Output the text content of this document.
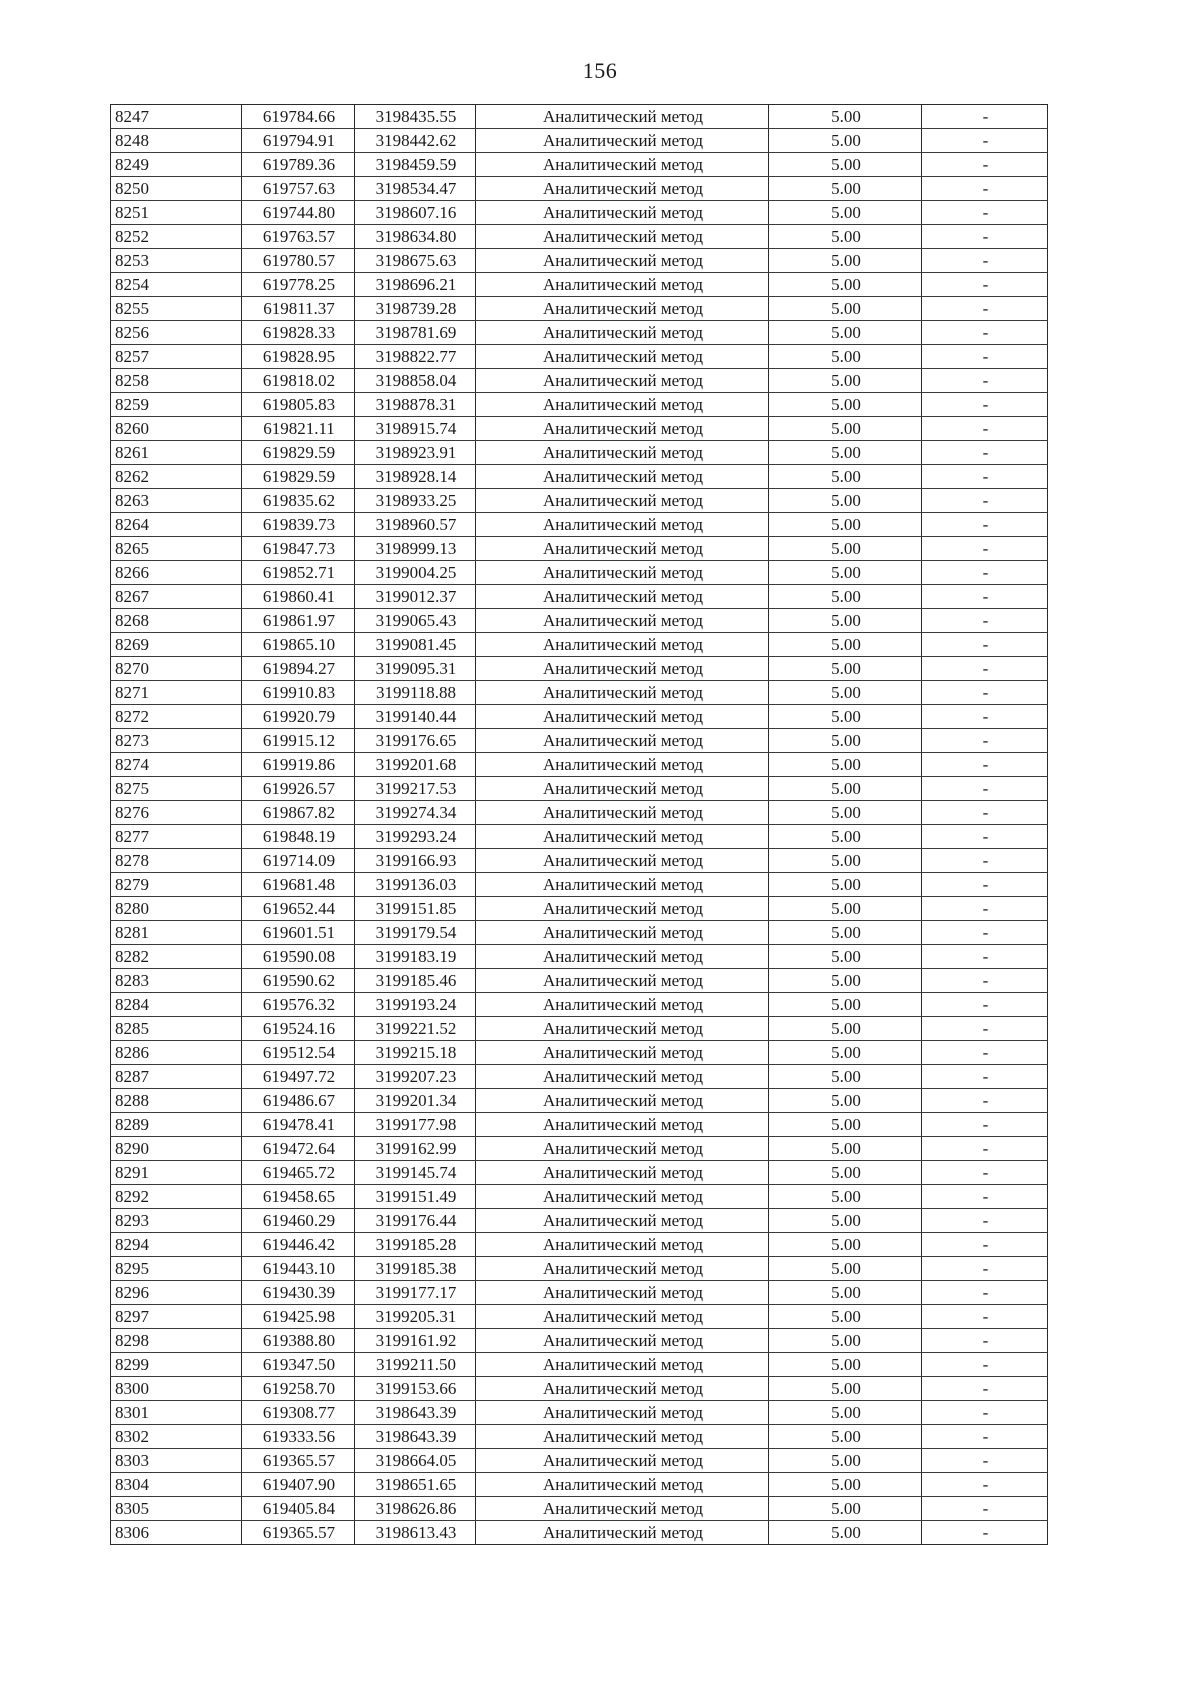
156
8247	619784.66	3198435.55	Аналитический метод	5.00	-
8248	619794.91	3198442.62	Аналитический метод	5.00	-
8249	619789.36	3198459.59	Аналитический метод	5.00	-
8250	619757.63	3198534.47	Аналитический метод	5.00	-
8251	619744.80	3198607.16	Аналитический метод	5.00	-
8252	619763.57	3198634.80	Аналитический метод	5.00	-
8253	619780.57	3198675.63	Аналитический метод	5.00	-
8254	619778.25	3198696.21	Аналитический метод	5.00	-
8255	619811.37	3198739.28	Аналитический метод	5.00	-
8256	619828.33	3198781.69	Аналитический метод	5.00	-
8257	619828.95	3198822.77	Аналитический метод	5.00	-
8258	619818.02	3198858.04	Аналитический метод	5.00	-
8259	619805.83	3198878.31	Аналитический метод	5.00	-
8260	619821.11	3198915.74	Аналитический метод	5.00	-
8261	619829.59	3198923.91	Аналитический метод	5.00	-
8262	619829.59	3198928.14	Аналитический метод	5.00	-
8263	619835.62	3198933.25	Аналитический метод	5.00	-
8264	619839.73	3198960.57	Аналитический метод	5.00	-
8265	619847.73	3198999.13	Аналитический метод	5.00	-
8266	619852.71	3199004.25	Аналитический метод	5.00	-
8267	619860.41	3199012.37	Аналитический метод	5.00	-
8268	619861.97	3199065.43	Аналитический метод	5.00	-
8269	619865.10	3199081.45	Аналитический метод	5.00	-
8270	619894.27	3199095.31	Аналитический метод	5.00	-
8271	619910.83	3199118.88	Аналитический метод	5.00	-
8272	619920.79	3199140.44	Аналитический метод	5.00	-
8273	619915.12	3199176.65	Аналитический метод	5.00	-
8274	619919.86	3199201.68	Аналитический метод	5.00	-
8275	619926.57	3199217.53	Аналитический метод	5.00	-
8276	619867.82	3199274.34	Аналитический метод	5.00	-
8277	619848.19	3199293.24	Аналитический метод	5.00	-
8278	619714.09	3199166.93	Аналитический метод	5.00	-
8279	619681.48	3199136.03	Аналитический метод	5.00	-
8280	619652.44	3199151.85	Аналитический метод	5.00	-
8281	619601.51	3199179.54	Аналитический метод	5.00	-
8282	619590.08	3199183.19	Аналитический метод	5.00	-
8283	619590.62	3199185.46	Аналитический метод	5.00	-
8284	619576.32	3199193.24	Аналитический метод	5.00	-
8285	619524.16	3199221.52	Аналитический метод	5.00	-
8286	619512.54	3199215.18	Аналитический метод	5.00	-
8287	619497.72	3199207.23	Аналитический метод	5.00	-
8288	619486.67	3199201.34	Аналитический метод	5.00	-
8289	619478.41	3199177.98	Аналитический метод	5.00	-
8290	619472.64	3199162.99	Аналитический метод	5.00	-
8291	619465.72	3199145.74	Аналитический метод	5.00	-
8292	619458.65	3199151.49	Аналитический метод	5.00	-
8293	619460.29	3199176.44	Аналитический метод	5.00	-
8294	619446.42	3199185.28	Аналитический метод	5.00	-
8295	619443.10	3199185.38	Аналитический метод	5.00	-
8296	619430.39	3199177.17	Аналитический метод	5.00	-
8297	619425.98	3199205.31	Аналитический метод	5.00	-
8298	619388.80	3199161.92	Аналитический метод	5.00	-
8299	619347.50	3199211.50	Аналитический метод	5.00	-
8300	619258.70	3199153.66	Аналитический метод	5.00	-
8301	619308.77	3198643.39	Аналитический метод	5.00	-
8302	619333.56	3198643.39	Аналитический метод	5.00	-
8303	619365.57	3198664.05	Аналитический метод	5.00	-
8304	619407.90	3198651.65	Аналитический метод	5.00	-
8305	619405.84	3198626.86	Аналитический метод	5.00	-
8306	619365.57	3198613.43	Аналитический метод	5.00	-
